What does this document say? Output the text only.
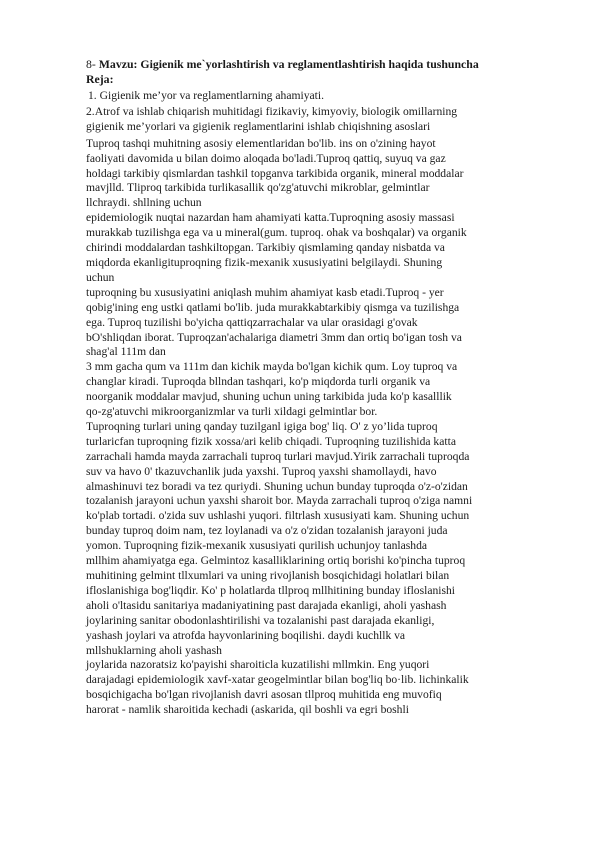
8- Mavzu: Gigienik me`yorlashtirish va reglamentlashtirish haqida tushuncha

Reja:

1. Gigienik me’yor va reglamentlarning ahamiyati.

2.Atrof va ishlab chiqarish muhitidagi fizikaviy, kimyoviy, biologik omillarning
gigienik me’yorlari va gigienik reglamentlarini ishlab chiqishning asoslari

Tuproq tashqi muhitning asosiy elementlaridan bo'lib. ins on o'zining hayot
faoliyati davomida u bilan doimo aloqada bo'ladi.Tuproq qattiq, suyuq va gaz
holdagi tarkibiy qismlardan tashkil topganva tarkibida organik, mineral moddalar
mavjlld. Tliproq tarkibida turlikasallik qo'zg'atuvchi mikroblar, gelmintlar
llchraydi. shllning uchun
epidemiologik nuqtai nazardan ham ahamiyati katta.Tuproqning asosiy massasi
murakkab tuzilishga ega va u mineral(gum. tuproq. ohak va boshqalar) va organik
chirindi moddalardan tashkiltopgan. Tarkibiy qismlaming qanday nisbatda va
miqdorda ekanligituproqning fizik-mexanik xususiyatini belgilaydi. Shuning
uchun
tuproqning bu xususiyatini aniqlash muhim ahamiyat kasb etadi.Tuproq - yer
qobig'ining eng ustki qatlami bo'lib. juda murakkabtarkibiy qismga va tuzilishga
ega. Tuproq tuzilishi bo'yicha qattiqzarrachalar va ular orasidagi g'ovak
bO'shliqdan iborat. Tuproqzan'achalariga diametri 3mm dan ortiq bo'igan tosh va
shag'al 111m dan
3 mm gacha qum va 111m dan kichik mayda bo'lgan kichik qum. Loy tuproq va
changlar kiradi. Tuproqda bllndan tashqari, ko'p miqdorda turli organik va
noorganik moddalar mavjud, shuning uchun uning tarkibida juda ko'p kasalllik
qo‑zg'atuvchi mikroorganizmlar va turli xildagi gelmintlar bor.
Tuproqning turlari uning qanday tuzilganl igiga bog' liq. O' z yo’lida tuproq
turlaricfan tuproqning fizik xossa/ari kelib chiqadi. Tuproqning tuzilishida katta
zarrachali hamda mayda zarrachali tuproq turlari mavjud.Yirik zarrachali tuproqda
suv va havo 0' tkazuvchanlik juda yaxshi. Tuproq yaxshi shamollaydi, havo
almashinuvi tez boradi va tez quriydi. Shuning uchun bunday tuproqda o'z-o'zidan
tozalanish jarayoni uchun yaxshi sharoit bor. Mayda zarrachali tuproq o'ziga namni
ko'plab tortadi. o'zida suv ushlashi yuqori. filtrlash xususiyati kam. Shuning uchun
bunday tuproq doim nam, tez loylanadi va o'z o'zidan tozalanish jarayoni juda
yomon. Tuproqning fizik-mexanik xususiyati qurilish uchunjoy tanlashda
mllhim ahamiyatga ega. Gelmintoz kasalliklarining ortiq borishi ko'pincha tuproq
muhitining gelmint tllxumlari va uning rivojlanish bosqichidagi holatlari bilan
ifloslanishiga bog'liqdir. Ko' p holatlarda tllproq mllhitining bunday ifloslanishi
aholi o'ltasidu sanitariya madaniyatining past darajada ekanligi, aholi yashash
joylarining sanitar obodonlashtirilishi va tozalanishi past darajada ekanligi,
yashash joylari va atrofda hayvonlarining boqilishi. daydi kuchllk va
mllshuklarning aholi yashash
joylarida nazoratsiz ko'payishi sharoiticla kuzatilishi mllmkin. Eng yuqori
darajadagi epidemiologik xavf-xatar geogelmintlar bilan bog'liq bo·lib. lichinkalik
bosqichigacha bo'lgan rivojlanish davri asosan tllproq muhitida eng muvofiq
harorat - namlik sharoitida kechadi (askarida, qil boshli va egri boshli
